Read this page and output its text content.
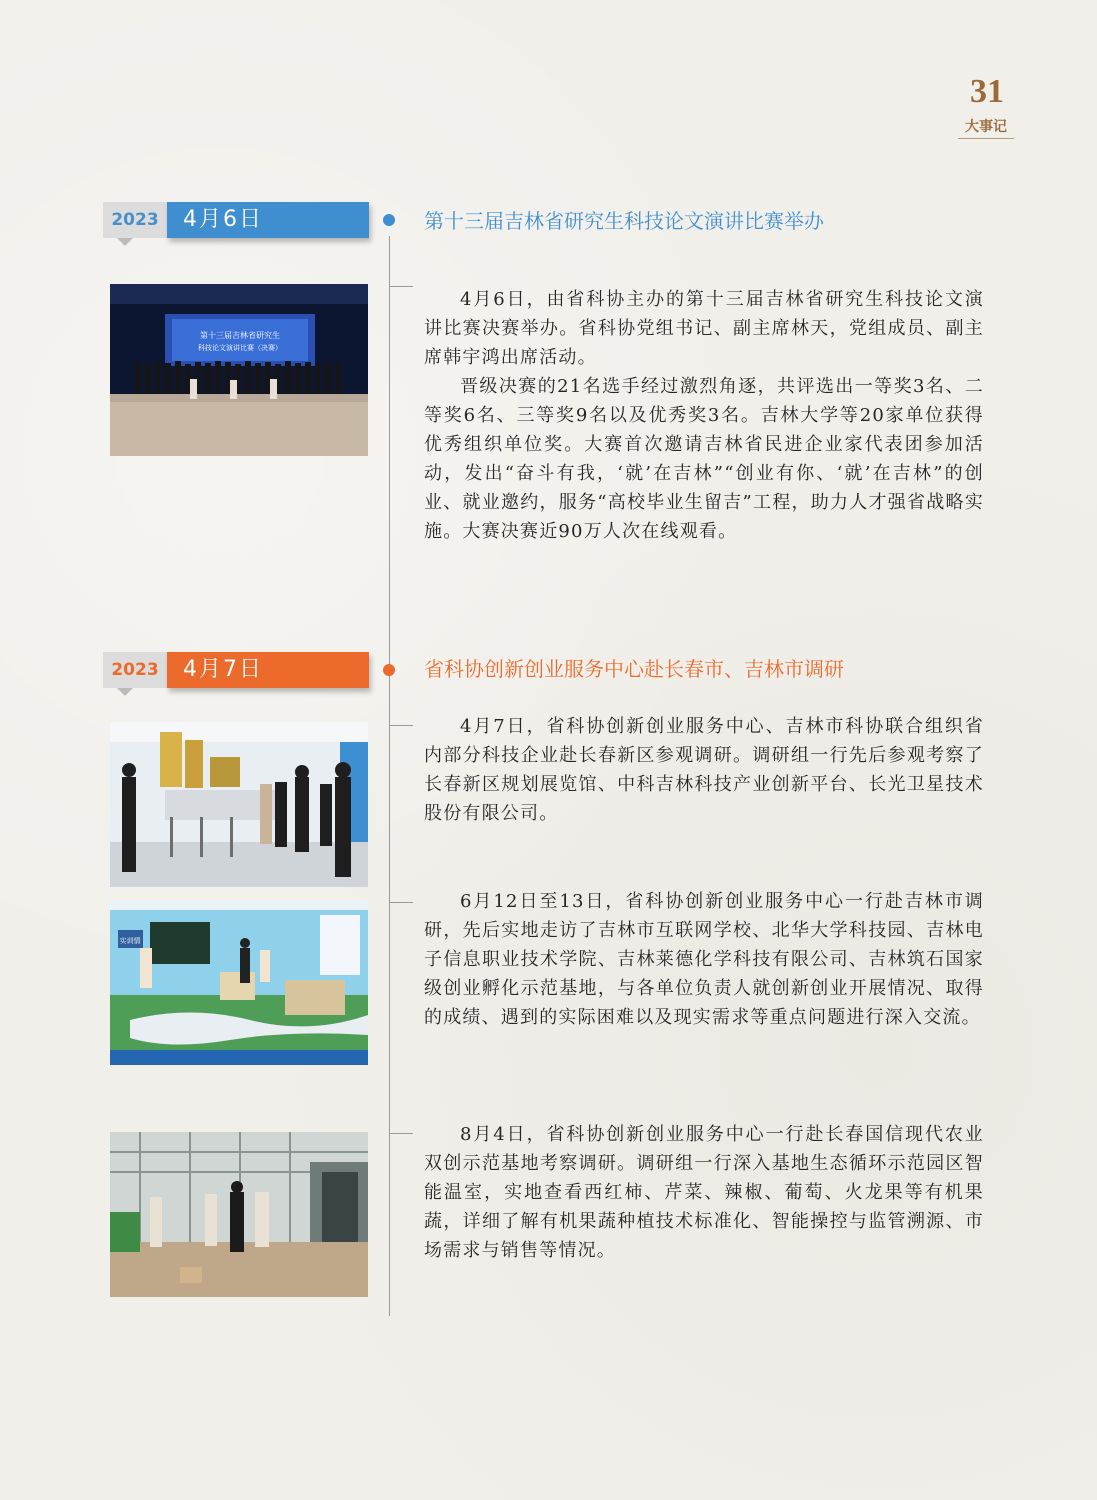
31
大事记
2023	4月6日	第十三届吉林省研究生科技论文演讲比赛举办
第十三届吉林省研究生
科技论文演讲比赛（决赛）

4月6日，由省科协主办的第十三届吉林省研究生科技论文演讲比赛决赛举办。省科协党组书记、副主席林天，党组成员、副主席韩宇鸿出席活动。

晋级决赛的21名选手经过激烈角逐，共评选出一等奖3名、二等奖6名、三等奖9名以及优秀奖3名。吉林大学等20家单位获得优秀组织单位奖。大赛首次邀请吉林省民进企业家代表团参加活动，发出“奋斗有我，‘就’在吉林”“创业有你、‘就’在吉林”的创业、就业邀约，服务“高校毕业生留吉”工程，助力人才强省战略实施。大赛决赛近90万人次在线观看。

2023	4月7日	省科协创新创业服务中心赴长春市、吉林市调研

4月7日，省科协创新创业服务中心、吉林市科协联合组织省内部分科技企业赴长春新区参观调研。调研组一行先后参观考察了长春新区规划展览馆、中科吉林科技产业创新平台、长光卫星技术股份有限公司。

实训情

6月12日至13日，省科协创新创业服务中心一行赴吉林市调研，先后实地走访了吉林市互联网学校、北华大学科技园、吉林电子信息职业技术学院、吉林莱德化学科技有限公司、吉林筑石国家级创业孵化示范基地，与各单位负责人就创新创业开展情况、取得的成绩、遇到的实际困难以及现实需求等重点问题进行深入交流。

8月4日，省科协创新创业服务中心一行赴长春国信现代农业双创示范基地考察调研。调研组一行深入基地生态循环示范园区智能温室，实地查看西红柿、芹菜、辣椒、葡萄、火龙果等有机果蔬，详细了解有机果蔬种植技术标准化、智能操控与监管溯源、市场需求与销售等情况。
